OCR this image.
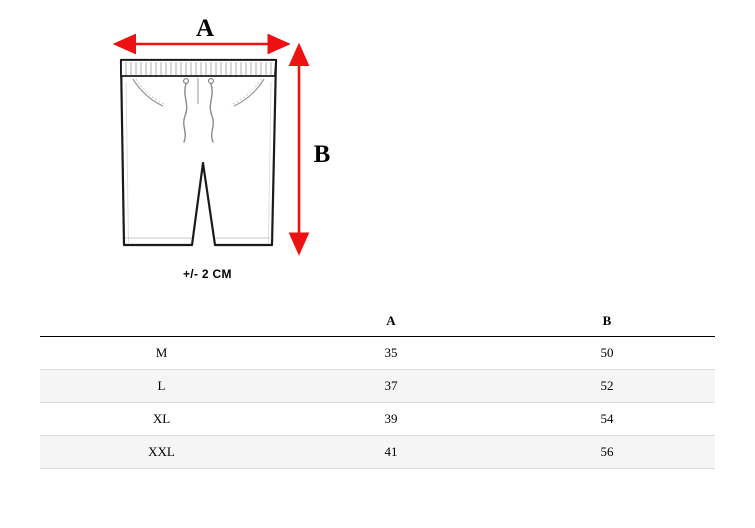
A
B
+/- 2 CM
	A	B
M	35	50
L	37	52
XL	39	54
XXL	41	56
